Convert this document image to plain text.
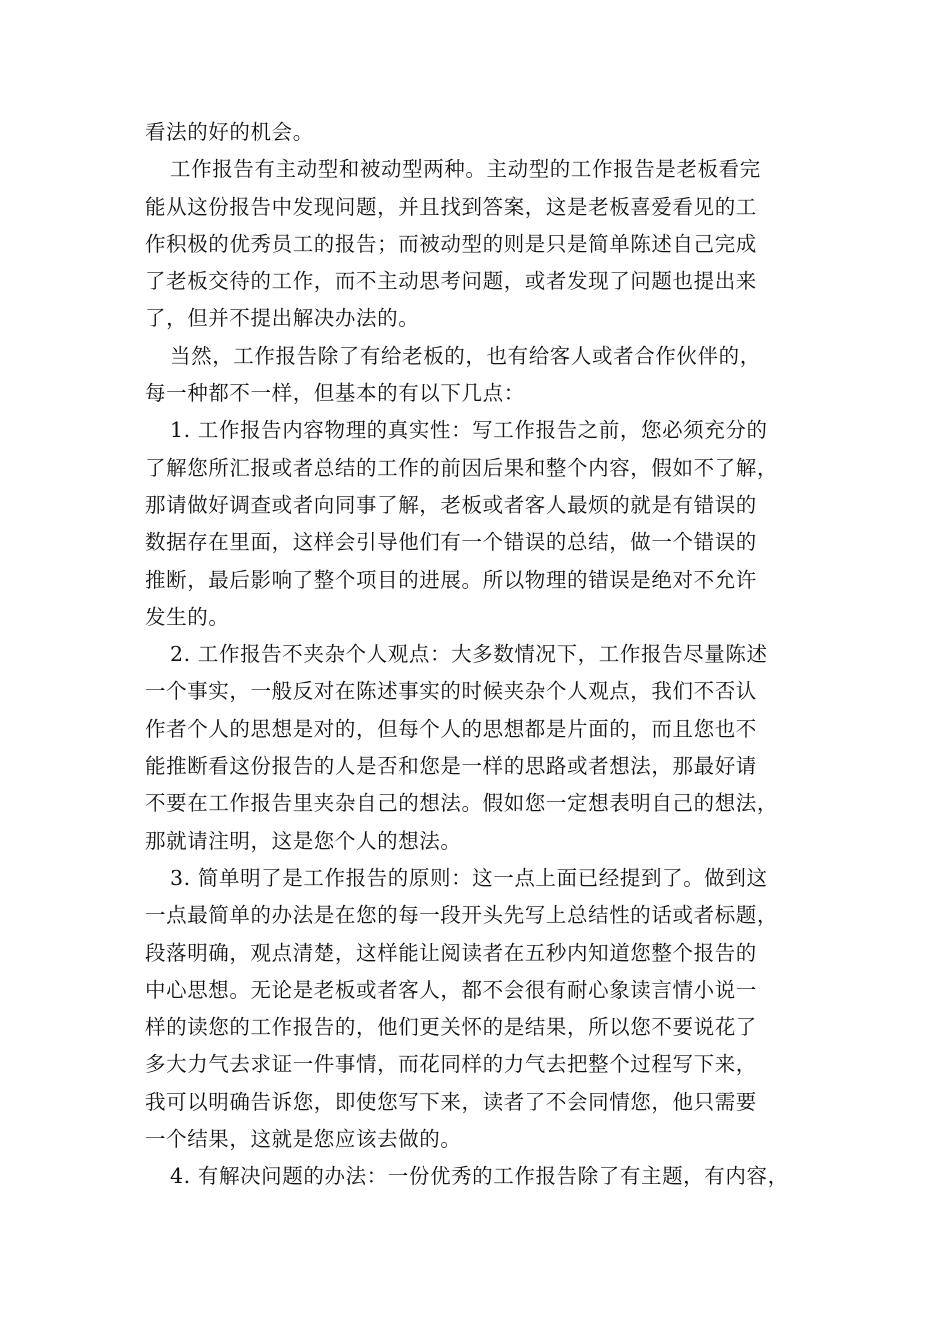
看法的好的机会。
工作报告有主动型和被动型两种。主动型的工作报告是老板看完
能从这份报告中发现问题，并且找到答案，这是老板喜爱看见的工
作积极的优秀员工的报告；而被动型的则是只是简单陈述自己完成
了老板交待的工作，而不主动思考问题，或者发现了问题也提出来
了，但并不提出解决办法的。
当然，工作报告除了有给老板的，也有给客人或者合作伙伴的，
每一种都不一样，但基本的有以下几点：
1. 工作报告内容物理的真实性：写工作报告之前，您必须充分的
了解您所汇报或者总结的工作的前因后果和整个内容，假如不了解，
那请做好调查或者向同事了解，老板或者客人最烦的就是有错误的
数据存在里面，这样会引导他们有一个错误的总结，做一个错误的
推断，最后影响了整个项目的进展。所以物理的错误是绝对不允许
发生的。
2. 工作报告不夹杂个人观点：大多数情况下，工作报告尽量陈述
一个事实，一般反对在陈述事实的时候夹杂个人观点，我们不否认
作者个人的思想是对的，但每个人的思想都是片面的，而且您也不
能推断看这份报告的人是否和您是一样的思路或者想法，那最好请
不要在工作报告里夹杂自己的想法。假如您一定想表明自己的想法，
那就请注明，这是您个人的想法。
3. 简单明了是工作报告的原则：这一点上面已经提到了。做到这
一点最简单的办法是在您的每一段开头先写上总结性的话或者标题，
段落明确，观点清楚，这样能让阅读者在五秒内知道您整个报告的
中心思想。无论是老板或者客人，都不会很有耐心象读言情小说一
样的读您的工作报告的，他们更关怀的是结果，所以您不要说花了
多大力气去求证一件事情，而花同样的力气去把整个过程写下来，
我可以明确告诉您，即使您写下来，读者了不会同情您，他只需要
一个结果，这就是您应该去做的。
4. 有解决问题的办法：一份优秀的工作报告除了有主题，有内容，
